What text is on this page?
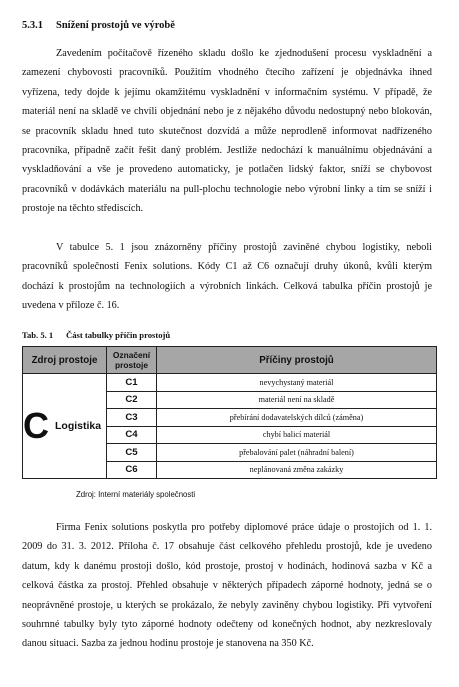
5.3.1 Snížení prostojů ve výrobě

Zavedením počítačově řízeného skladu došlo ke zjednodušení procesu vyskladnění a zamezení chybovosti pracovníků. Použitím vhodného čtecího zařízení je objednávka ihned vyřízena, tedy dojde k jejímu okamžitému vyskladnění v informačním systému. V případě, že materiál není na skladě ve chvíli objednání nebo je z nějakého důvodu nedostupný nebo blokován, se pracovník skladu hned tuto skutečnost dozvídá a může neprodleně informovat nadřízeného pracovníka, případně začít řešit daný problém. Jestliže nedochází k manuálnímu objednávání a vyskladňování a vše je provedeno automaticky, je potlačen lidský faktor, sníží se chybovost pracovníků v dodávkách materiálu na pull-plochu technologie nebo výrobní linky a tím se sníží i prostoje na těchto střediscích.

V tabulce 5. 1 jsou znázorněny příčiny prostojů zaviněné chybou logistiky, neboli pracovníků společnosti Fenix solutions. Kódy C1 až C6 označují druhy úkonů, kvůli kterým dochází k prostojům na technologiích a výrobních linkách. Celková tabulka příčin prostojů je uvedena v příloze č. 16.

Tab. 5. 1 Část tabulky příčin prostojů
Zdroj prostoje	Označení prostoje	Příčiny prostojů
C Logistika	C1	nevychystaný materiál
	C2	materiál není na skladě
	C3	přebírání dodavatelských dílců (záměna)
	C4	chybí balicí materiál
	C5	přebalování palet (náhradní balení)
	C6	neplánovaná změna zakázky
Zdroj: Interní materiály společnosti

Firma Fenix solutions poskytla pro potřeby diplomové práce údaje o prostojích od 1. 1. 2009 do 31. 3. 2012. Příloha č. 17 obsahuje část celkového přehledu prostojů, kde je uvedeno datum, kdy k danému prostoji došlo, kód prostoje, prostoj v hodinách, hodinová sazba v Kč a celková částka za prostoj. Přehled obsahuje v některých případech záporné hodnoty, jedná se o neoprávněné prostoje, u kterých se prokázalo, že nebyly zaviněny chybou logistiky. Při vytvoření souhrnné tabulky byly tyto záporné hodnoty odečteny od konečných hodnot, aby nezkreslovaly danou situaci. Sazba za jednou hodinu prostoje je stanovena na 350 Kč.
